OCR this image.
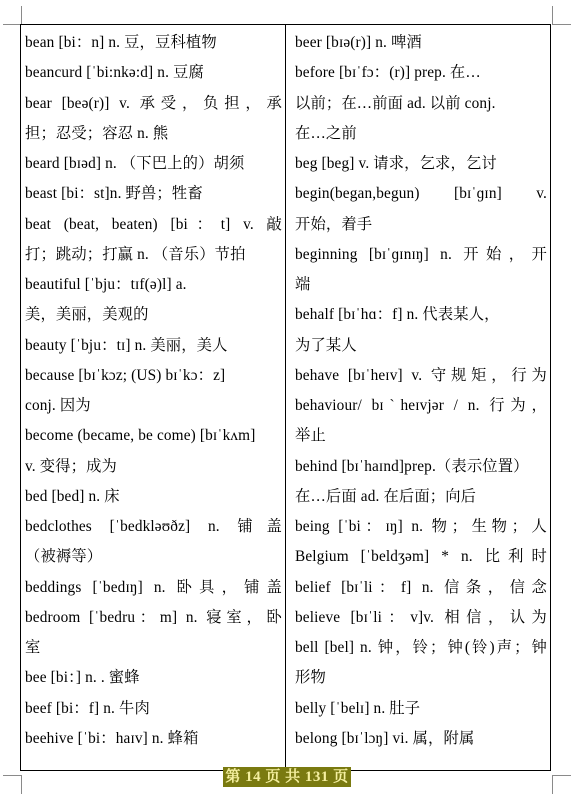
bean [bi：n] n. 豆，豆科植物
beancurd [ˈbi:nkə:d] n. 豆腐
bear [beə(r)] v. 承受，负担，承
担；忍受；容忍 n. 熊
beard [bɪəd] n. （下巴上的）胡须
beast [bi：st]n. 野兽；牲畜
beat (beat, beaten) [bi：t] v. 敲
打；跳动；打赢 n. （音乐）节拍
beautiful [ˈbju：tɪf(ə)l] a.
美，美丽，美观的
beauty [ˈbju：tɪ] n. 美丽，美人
because [bɪˈkɔz; (US) bɪˈkɔ：z]
conj. 因为
become (became, be come) [bɪˈkʌm]
v. 变得；成为
bed [bed] n. 床
bedclothes [ˈbedkləʊðz] n. 铺盖
（被褥等）
beddings [ˈbedɪŋ] n. 卧具，铺盖
bedroom [ˈbedru：m] n. 寝室，卧
室
bee [bi：] n. . 蜜蜂
beef [bi：f] n. 牛肉
beehive [ˈbi：haɪv] n. 蜂箱
beer [bɪə(r)] n. 啤酒
before [bɪˈfɔ：(r)] prep. 在…
以前；在…前面 ad. 以前 conj.
在…之前
beg [beg] v. 请求，乞求，乞讨
begin(began,begun) [bɪˈɡɪn] v.
开始，着手
beginning [bɪˈɡɪnɪŋ] n. 开始，开
端
behalf [bɪˈhɑ：f] n. 代表某人，
为了某人
behave [bɪˈheɪv] v. 守规矩，行为
behaviour/ bɪˋheɪvjər / n. 行为，
举止
behind [bɪˈhaɪnd]prep.（表示位置）
在…后面 ad. 在后面；向后
being [ˈbi：ɪŋ] n. 物；生物；人
Belgium [ˈbeldʒəm] * n. 比利时
belief [bɪˈli：f] n. 信条，信念
believe [bɪˈli：v]v. 相信，认为
bell [bel] n. 钟，铃；钟(铃)声；钟
形物
belly [ˈbelɪ] n. 肚子
belong [bɪˈlɔŋ] vi. 属，附属
第 14 页 共 131 页
